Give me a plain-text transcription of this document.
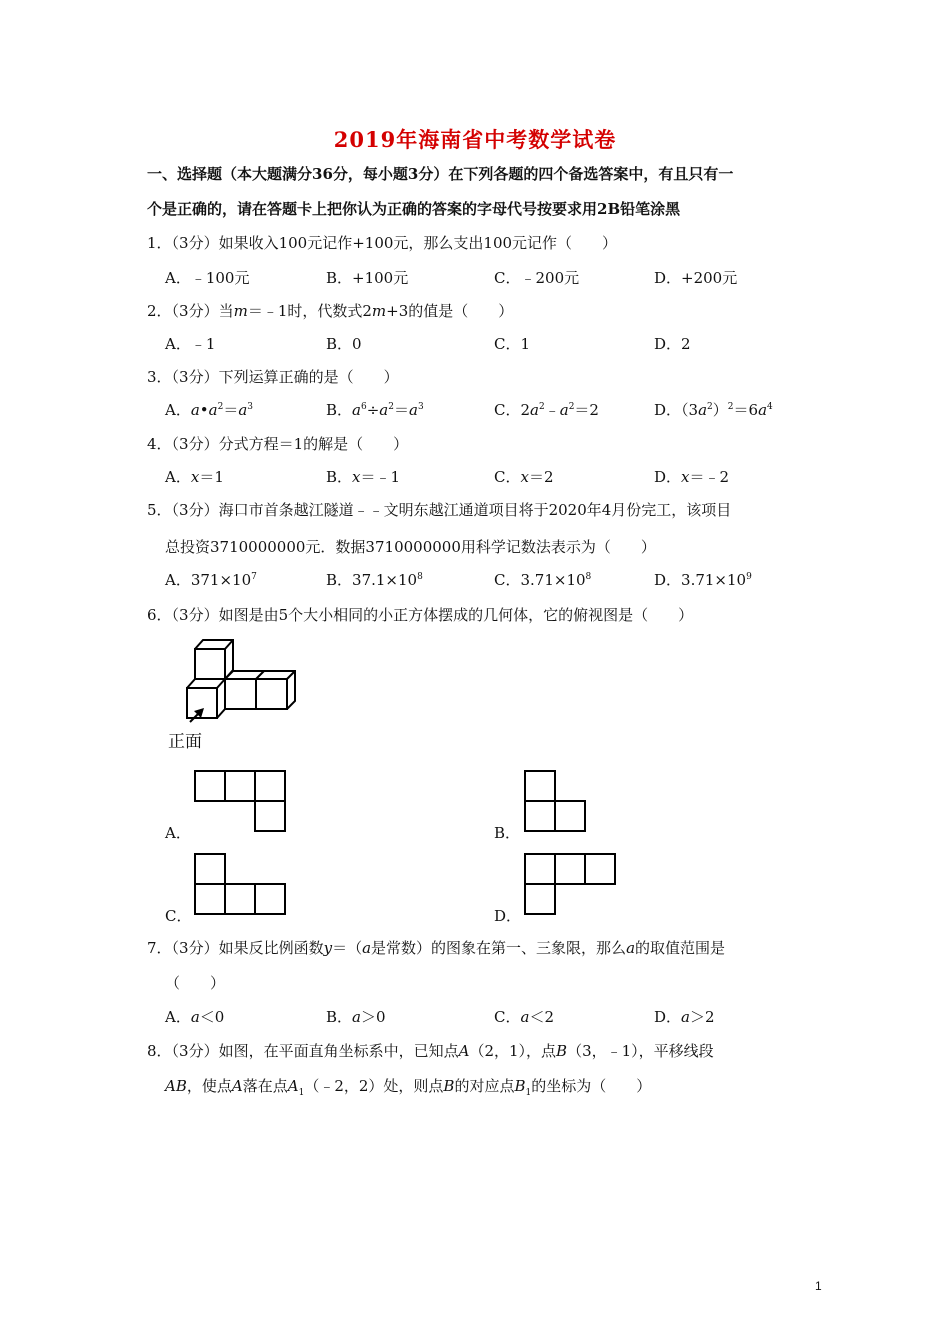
2019年海南省中考数学试卷
一、选择题（本大题满分36分，每小题3分）在下列各题的四个备选答案中，有且只有一
个是正确的，请在答题卡上把你认为正确的答案的字母代号按要求用2B铅笔涂黑
1．（3分）如果收入100元记作+100元，那么支出100元记作（　　）
A．﹣100元	B．+100元	C．﹣200元	D．+200元
2．（3分）当m＝﹣1时，代数式2m+3的值是（　　）
A．﹣1	B．0	C．1	D．2
3．（3分）下列运算正确的是（　　）
A．$a•a^2=a^3$	B．$a^6\div a^2=a^3$	C．$2a^2﹣a^2=2$	D．$(3a^2)^2=6a^4$
4．（3分）分式方程＝1的解是（　　）
A．x＝1	B．x＝﹣1	C．x＝2	D．x＝﹣2
5．（3分）海口市首条越江隧道﹣﹣文明东越江通道项目将于2020年4月份完工，该项目
总投资3710000000元．数据3710000000用科学记数法表示为（　　）
A．$371\times 10^7$	B．$37.1\times 10^8$	C．$3.71\times 10^8$	D．$3.71\times 10^9$
6．（3分）如图是由5个大小相同的小正方体摆成的几何体，它的俯视图是（　　）
正面
A．	B．
C．	D．
7．（3分）如果反比例函数y＝（a是常数）的图象在第一、三象限，那么a的取值范围是
（　　）
A．a＜0	B．a＞0	C．a＜2	D．a＞2
8．（3分）如图，在平面直角坐标系中，已知点A（2，1），点B（3，﹣1），平移线段
AB，使点A落在点$A_1(﹣2$，2）处，则点B的对应点$B_1$的坐标为（　　）
1
